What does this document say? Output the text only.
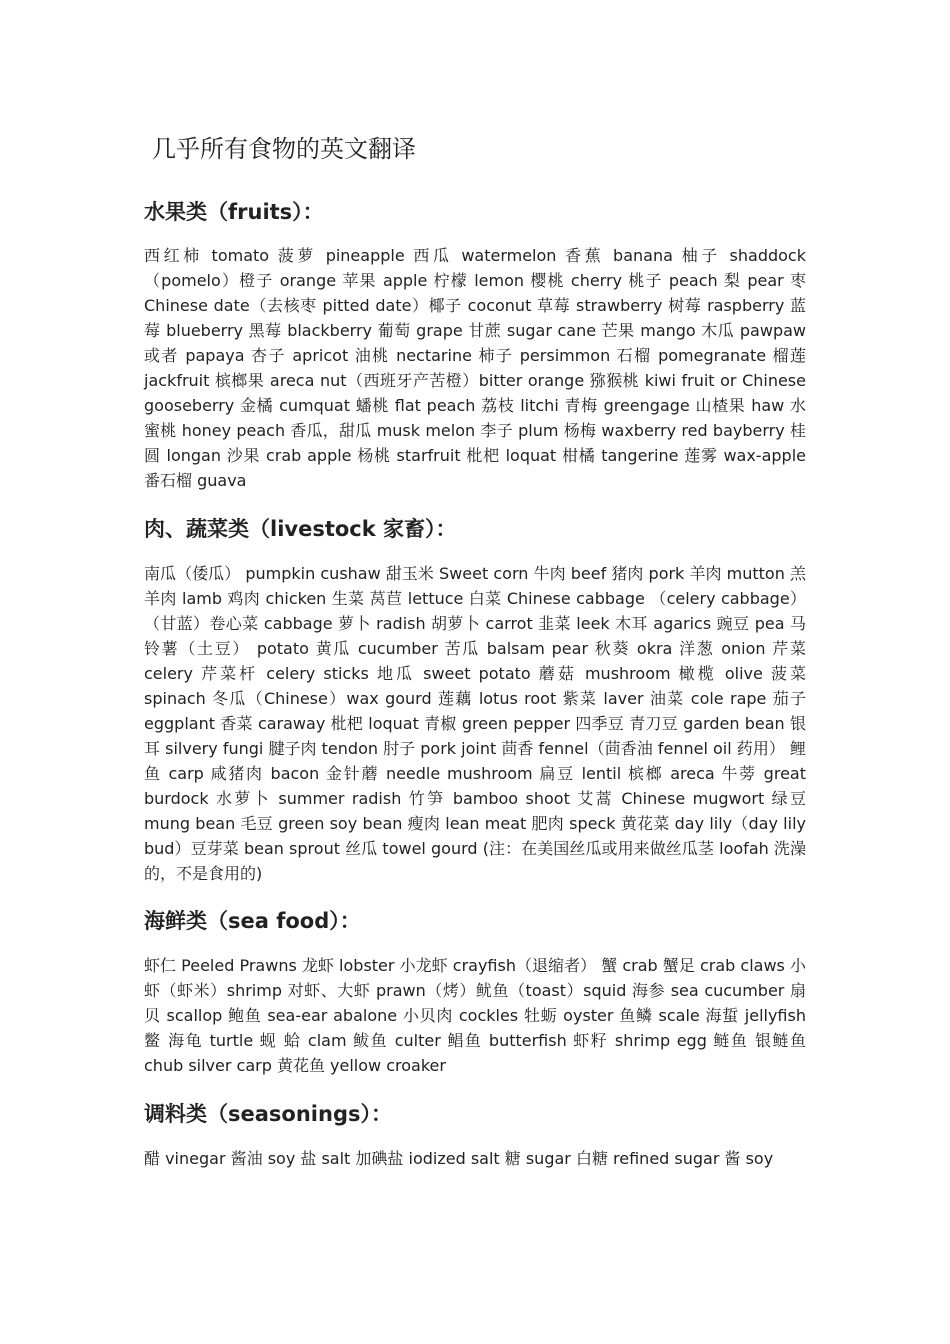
几乎所有食物的英文翻译
水果类（fruits）：

西红柿 tomato 菠萝 pineapple 西瓜 watermelon 香蕉 banana 柚子 shaddock（pomelo）橙子 orange 苹果 apple 柠檬 lemon 樱桃 cherry 桃子 peach 梨 pear 枣 Chinese date（去核枣 pitted date）椰子 coconut 草莓 strawberry 树莓 raspberry 蓝莓 blueberry 黑莓 blackberry 葡萄 grape 甘蔗 sugar cane 芒果 mango 木瓜 pawpaw 或者 papaya 杏子 apricot 油桃 nectarine 柿子 persimmon 石榴 pomegranate 榴莲 jackfruit 槟榔果 areca nut（西班牙产苦橙）bitter orange 猕猴桃 kiwi fruit or Chinese gooseberry 金橘 cumquat 蟠桃 flat peach 荔枝 litchi 青梅 greengage 山楂果 haw 水蜜桃 honey peach 香瓜，甜瓜 musk melon 李子 plum 杨梅 waxberry red bayberry 桂圆 longan 沙果 crab apple 杨桃 starfruit 枇杷 loquat 柑橘 tangerine 莲雾 wax-apple 番石榴 guava

肉、蔬菜类（livestock 家畜）：

南瓜（倭瓜） pumpkin cushaw 甜玉米 Sweet corn 牛肉 beef 猪肉 pork 羊肉 mutton 羔羊肉 lamb 鸡肉 chicken 生菜 莴苣 lettuce 白菜 Chinese cabbage （celery cabbage）（甘蓝）卷心菜 cabbage 萝卜 radish 胡萝卜 carrot 韭菜 leek 木耳 agarics 豌豆 pea 马铃薯（土豆） potato 黄瓜 cucumber 苦瓜 balsam pear 秋葵 okra 洋葱 onion 芹菜 celery 芹菜杆 celery sticks 地瓜 sweet potato 蘑菇 mushroom 橄榄 olive 菠菜 spinach 冬瓜（Chinese）wax gourd 莲藕 lotus root 紫菜 laver 油菜 cole rape 茄子 eggplant 香菜 caraway 枇杷 loquat 青椒 green pepper 四季豆 青刀豆 garden bean 银耳 silvery fungi 腱子肉 tendon 肘子 pork joint 茴香 fennel（茴香油 fennel oil 药用） 鲤鱼 carp 咸猪肉 bacon 金针蘑 needle mushroom 扁豆 lentil 槟榔 areca 牛蒡 great burdock 水萝卜 summer radish 竹笋 bamboo shoot 艾蒿 Chinese mugwort 绿豆 mung bean 毛豆 green soy bean 瘦肉 lean meat 肥肉 speck 黄花菜 day lily（day lily bud）豆芽菜 bean sprout 丝瓜 towel gourd (注：在美国丝瓜或用来做丝瓜茎 loofah 洗澡的，不是食用的)

海鲜类（sea food）：

虾仁 Peeled Prawns 龙虾 lobster 小龙虾 crayfish（退缩者） 蟹 crab 蟹足 crab claws 小虾（虾米）shrimp 对虾、大虾 prawn（烤）鱿鱼（toast）squid 海参 sea cucumber 扇贝 scallop 鲍鱼 sea-ear abalone 小贝肉 cockles 牡蛎 oyster 鱼鳞 scale 海蜇 jellyfish 鳖 海龟 turtle 蚬 蛤 clam 鲅鱼 culter 鲳鱼 butterfish 虾籽 shrimp egg 鲢鱼 银鲢鱼 chub silver carp 黄花鱼 yellow croaker

调料类（seasonings）：

醋 vinegar 酱油 soy 盐 salt 加碘盐 iodized salt 糖 sugar 白糖 refined sugar 酱 soy
